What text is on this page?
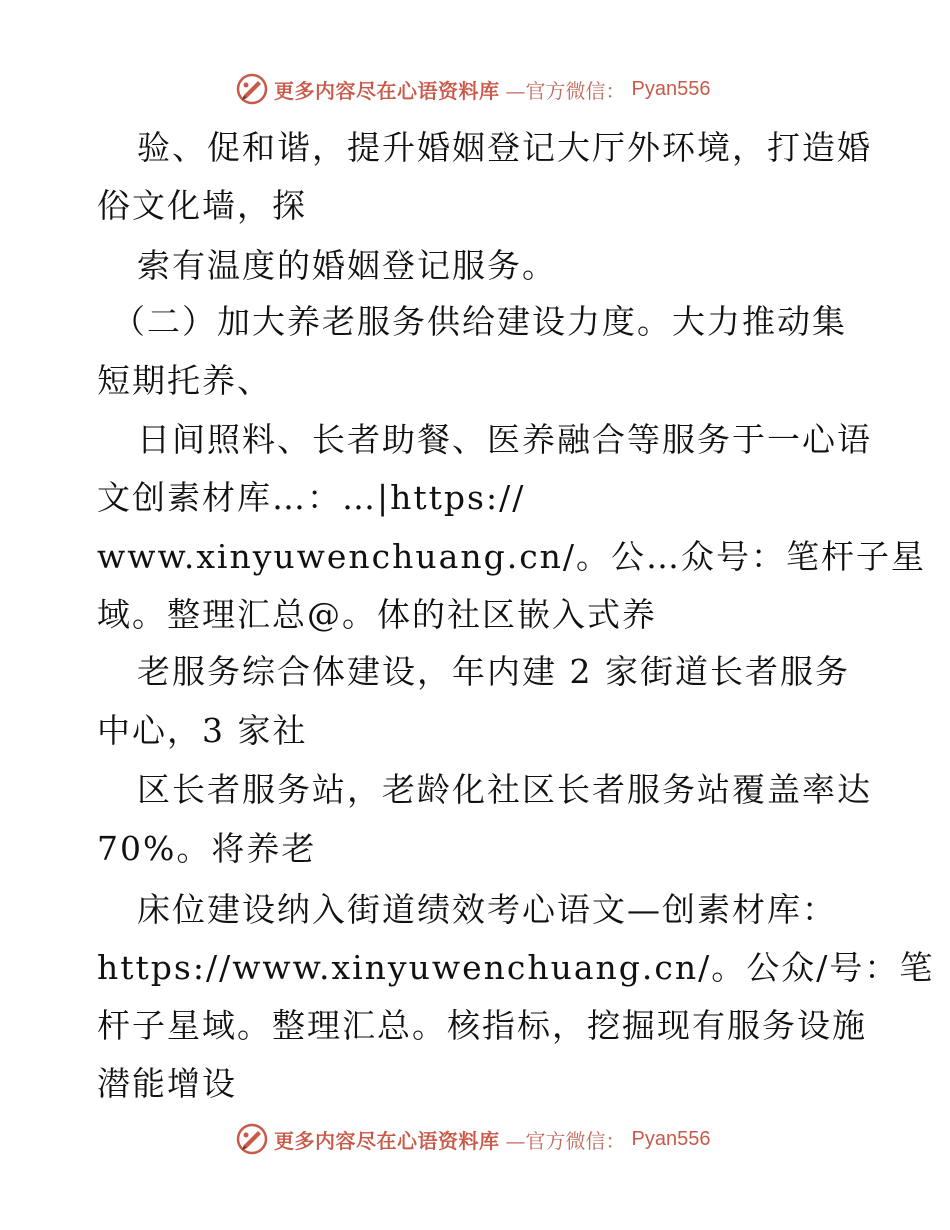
更多内容尽在心语资料库 —官方微信： Pyan556
验、促和谐，提升婚姻登记大厅外环境，打造婚
俗文化墙，探
索有温度的婚姻登记服务。
（二）加大养老服务供给建设力度。大力推动集
短期托养、
日间照料、长者助餐、医养融合等服务于一心语
文创素材库…：…|https://
www.xinyuwenchuang.cn/。公…众号：笔杆子星
域。整理汇总@。体的社区嵌入式养
老服务综合体建设，年内建 2 家街道长者服务
中心，3 家社
区长者服务站，老龄化社区长者服务站覆盖率达
70%。将养老
床位建设纳入街道绩效考心语文—创素材库：
https://www.xinyuwenchuang.cn/。公众/号：笔
杆子星域。整理汇总。核指标，挖掘现有服务设施
潜能增设
更多内容尽在心语资料库 —官方微信： Pyan556
